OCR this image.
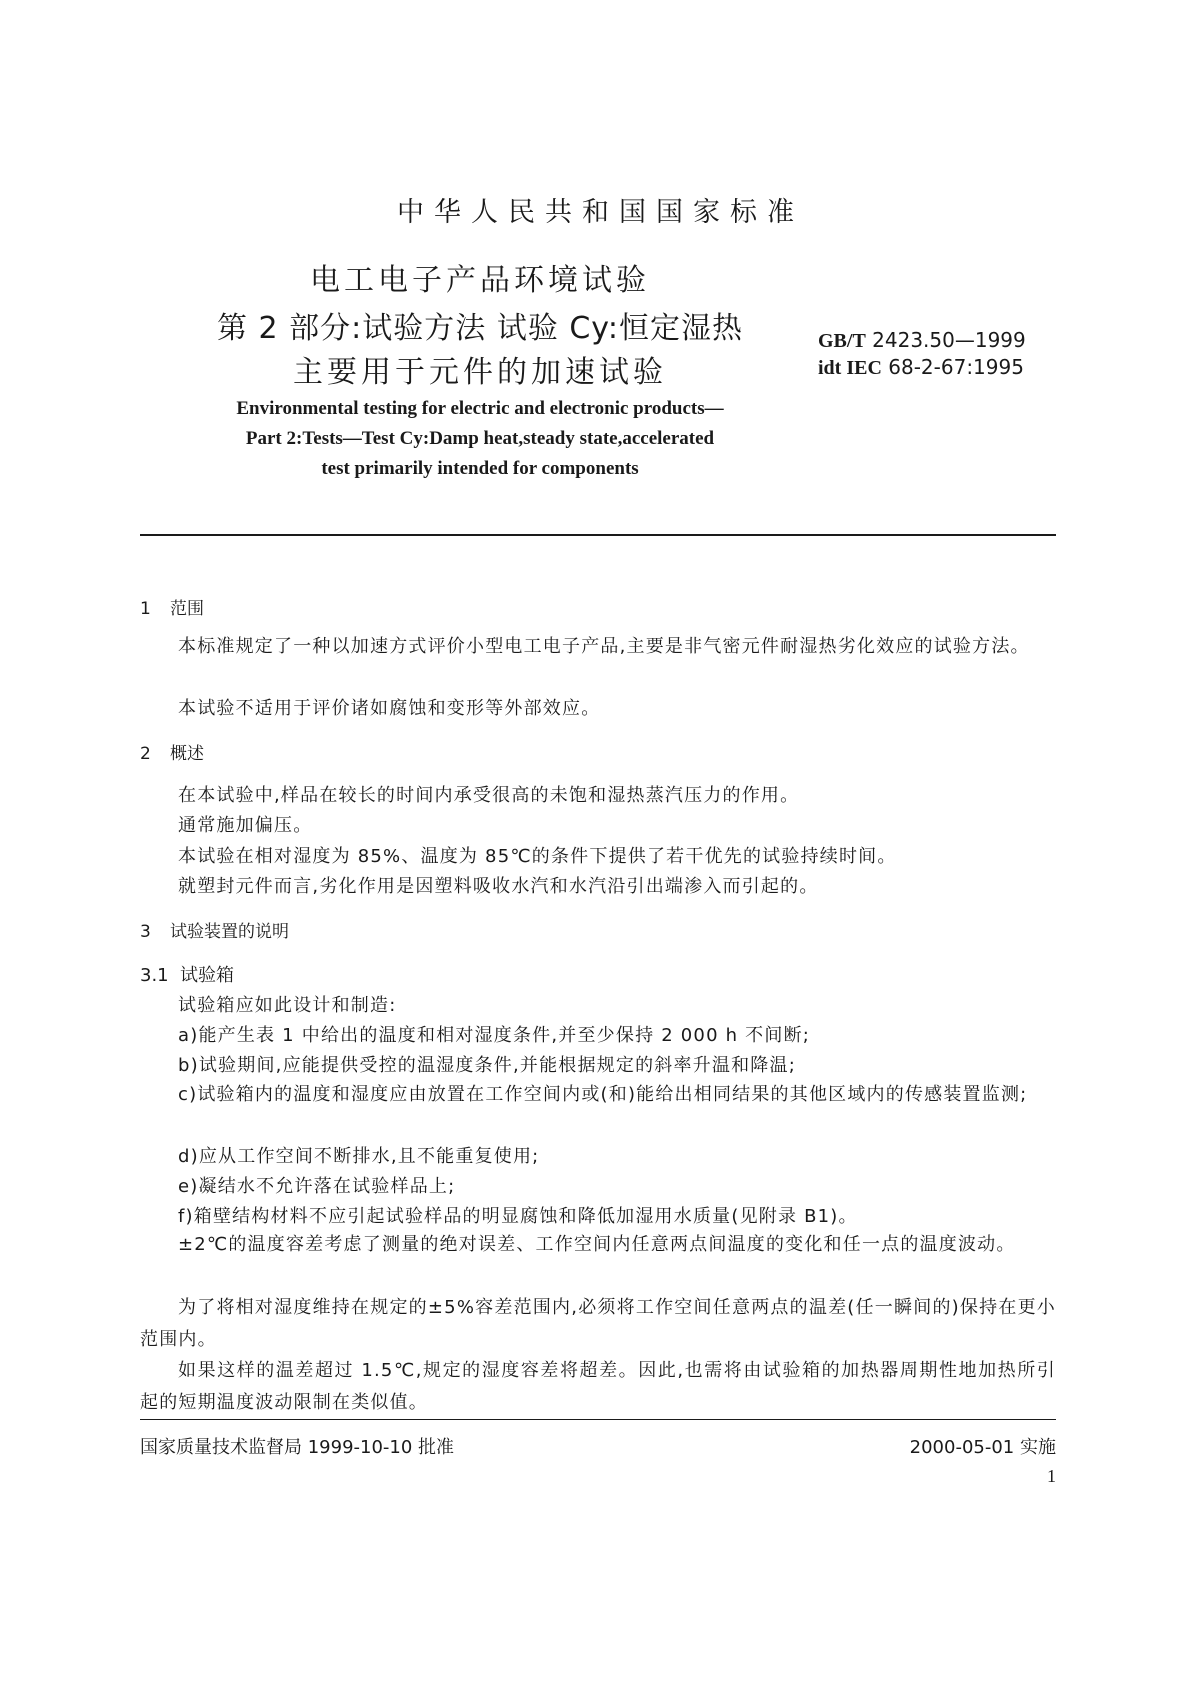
中华人民共和国国家标准
电工电子产品环境试验
第 2 部分:试验方法 试验 Cy:恒定湿热
主要用于元件的加速试验
GB/T 2423.50—1999
idt IEC 68-2-67:1995
Environmental testing for electric and electronic products—
Part 2:Tests—Test Cy:Damp heat,steady state,accelerated
test primarily intended for components
1 范围
本标准规定了一种以加速方式评价小型电工电子产品,主要是非气密元件耐湿热劣化效应的试验方法。
本试验不适用于评价诸如腐蚀和变形等外部效应。
2 概述
在本试验中,样品在较长的时间内承受很高的未饱和湿热蒸汽压力的作用。
通常施加偏压。
本试验在相对湿度为 85%、温度为 85℃的条件下提供了若干优先的试验持续时间。
就塑封元件而言,劣化作用是因塑料吸收水汽和水汽沿引出端渗入而引起的。
3 试验装置的说明
3.1 试验箱
试验箱应如此设计和制造:
a)能产生表 1 中给出的温度和相对湿度条件,并至少保持 2 000 h 不间断;
b)试验期间,应能提供受控的温湿度条件,并能根据规定的斜率升温和降温;
c)试验箱内的温度和湿度应由放置在工作空间内或(和)能给出相同结果的其他区域内的传感装置监测;
d)应从工作空间不断排水,且不能重复使用;
e)凝结水不允许落在试验样品上;
f)箱壁结构材料不应引起试验样品的明显腐蚀和降低加湿用水质量(见附录 B1)。
±2℃的温度容差考虑了测量的绝对误差、工作空间内任意两点间温度的变化和任一点的温度波动。
为了将相对湿度维持在规定的±5%容差范围内,必须将工作空间任意两点的温差(任一瞬间的)保持在更小范围内。
如果这样的温差超过 1.5℃,规定的湿度容差将超差。因此,也需将由试验箱的加热器周期性地加热所引起的短期温度波动限制在类似值。
国家质量技术监督局 1999-10-10 批准	2000-05-01 实施
1
